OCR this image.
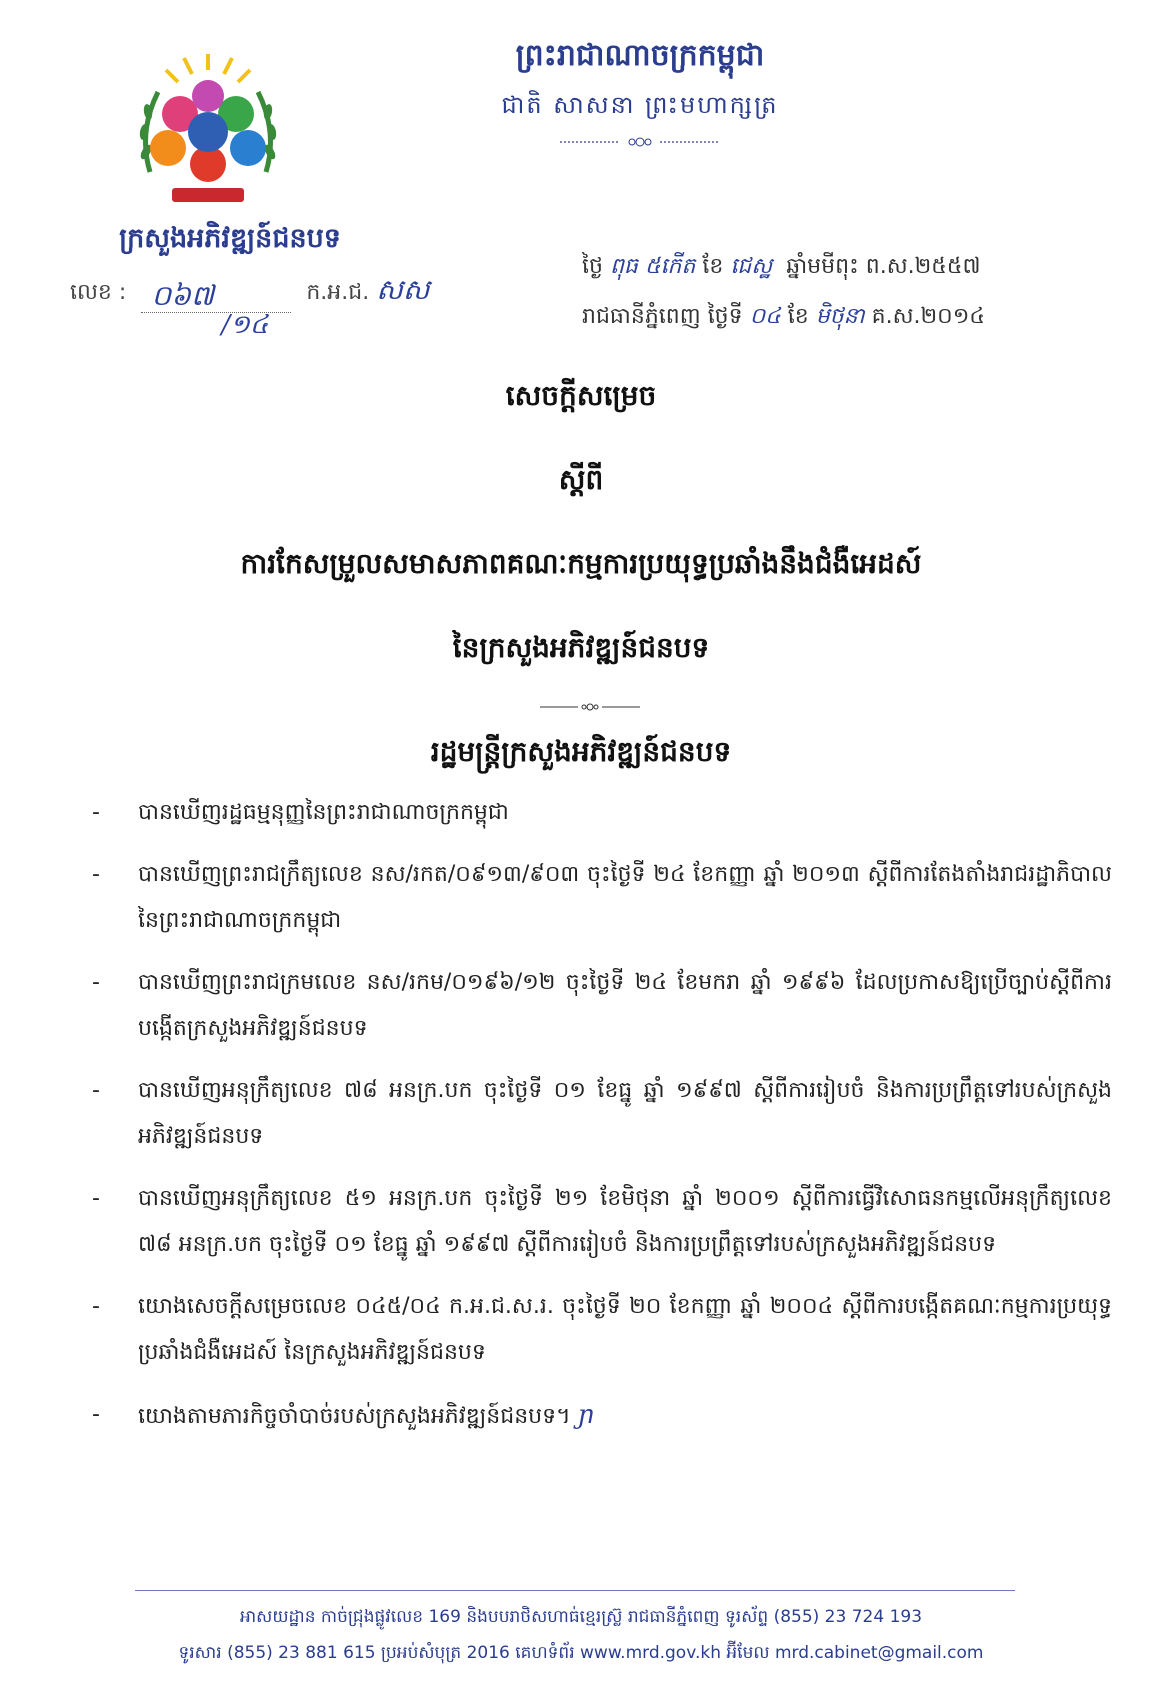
ក្រសួងអភិវឌ្ឍន៍ជនបទ
លេខ : ០៦៧
/១៤
ក.អ.ជ. សស
ព្រះរាជាណាចក្រកម្ពុជា
ជាតិ សាសនា ព្រះមហាក្សត្រ
ថ្ងៃ ពុធ ៥កើត ខែ ជេស្ឋ ឆ្នាំមមីពុះ ព.ស.២៥៥៧
រាជធានីភ្នំពេញ ថ្ងៃទី ០៤ ខែ មិថុនា គ.ស.២០១៤
សេចក្ដីសម្រេច
ស្ដីពី
ការកែសម្រួលសមាសភាពគណៈកម្មការប្រយុទ្ធប្រឆាំងនឹងជំងឺអេដស៍
នៃក្រសួងអភិវឌ្ឍន៍ជនបទ
រដ្ឋមន្ត្រីក្រសួងអភិវឌ្ឍន៍ជនបទ
- បានឃើញរដ្ឋធម្មនុញ្ញនៃព្រះរាជាណាចក្រកម្ពុជា
- បានឃើញព្រះរាជក្រឹត្យលេខ នស/រកត/០៩១៣/៩០៣ ចុះថ្ងៃទី ២៤ ខែកញ្ញា ឆ្នាំ ២០១៣ ស្ដីពីការតែងតាំងរាជរដ្ឋាភិបាលនៃព្រះរាជាណាចក្រកម្ពុជា
- បានឃើញព្រះរាជក្រមលេខ នស/រកម/០១៩៦/១២ ចុះថ្ងៃទី ២៤ ខែមករា ឆ្នាំ ១៩៩៦ ដែលប្រកាសឱ្យប្រើច្បាប់ស្ដីពីការបង្កើតក្រសួងអភិវឌ្ឍន៍ជនបទ
- បានឃើញអនុក្រឹត្យលេខ ៧៨ អនក្រ.បក ចុះថ្ងៃទី ០១ ខែធ្នូ ឆ្នាំ ១៩៩៧ ស្ដីពីការរៀបចំ និងការប្រព្រឹត្តទៅរបស់ក្រសួងអភិវឌ្ឍន៍ជនបទ
- បានឃើញអនុក្រឹត្យលេខ ៥១ អនក្រ.បក ចុះថ្ងៃទី ២១ ខែមិថុនា ឆ្នាំ ២០០១ ស្ដីពីការធ្វើវិសោធនកម្មលើអនុក្រឹត្យលេខ ៧៨ អនក្រ.បក ចុះថ្ងៃទី ០១ ខែធ្នូ ឆ្នាំ ១៩៩៧ ស្ដីពីការរៀបចំ និងការប្រព្រឹត្តទៅរបស់ក្រសួងអភិវឌ្ឍន៍ជនបទ
- យោងសេចក្ដីសម្រេចលេខ ០៤៥/០៤ ក.អ.ជ.ស.រ. ចុះថ្ងៃទី ២០ ខែកញ្ញា ឆ្នាំ ២០០៤ ស្ដីពីការបង្កើតគណៈកម្មការប្រយុទ្ធប្រឆាំងជំងឺអេដស៍ នៃក្រសួងអភិវឌ្ឍន៍ជនបទ
- យោងតាមភារកិច្ចចាំបាច់របស់ក្រសួងអភិវឌ្ឍន៍ជនបទ។ ɲ
អាសយដ្ឋាន កាច់ជ្រុងផ្លូវលេខ 169 និងបបរាថិសហាធ់ខ្មេរស៊្ល្រ រាជធានីភ្នំពេញ ទូរស័ព្ទ (855) 23 724 193
ទូរសារ (855) 23 881 615 ប្រអប់សំបុត្រ 2016 គេហទំព័រ www.mrd.gov.kh អ៊ីមែល mrd.cabinet@gmail.com
